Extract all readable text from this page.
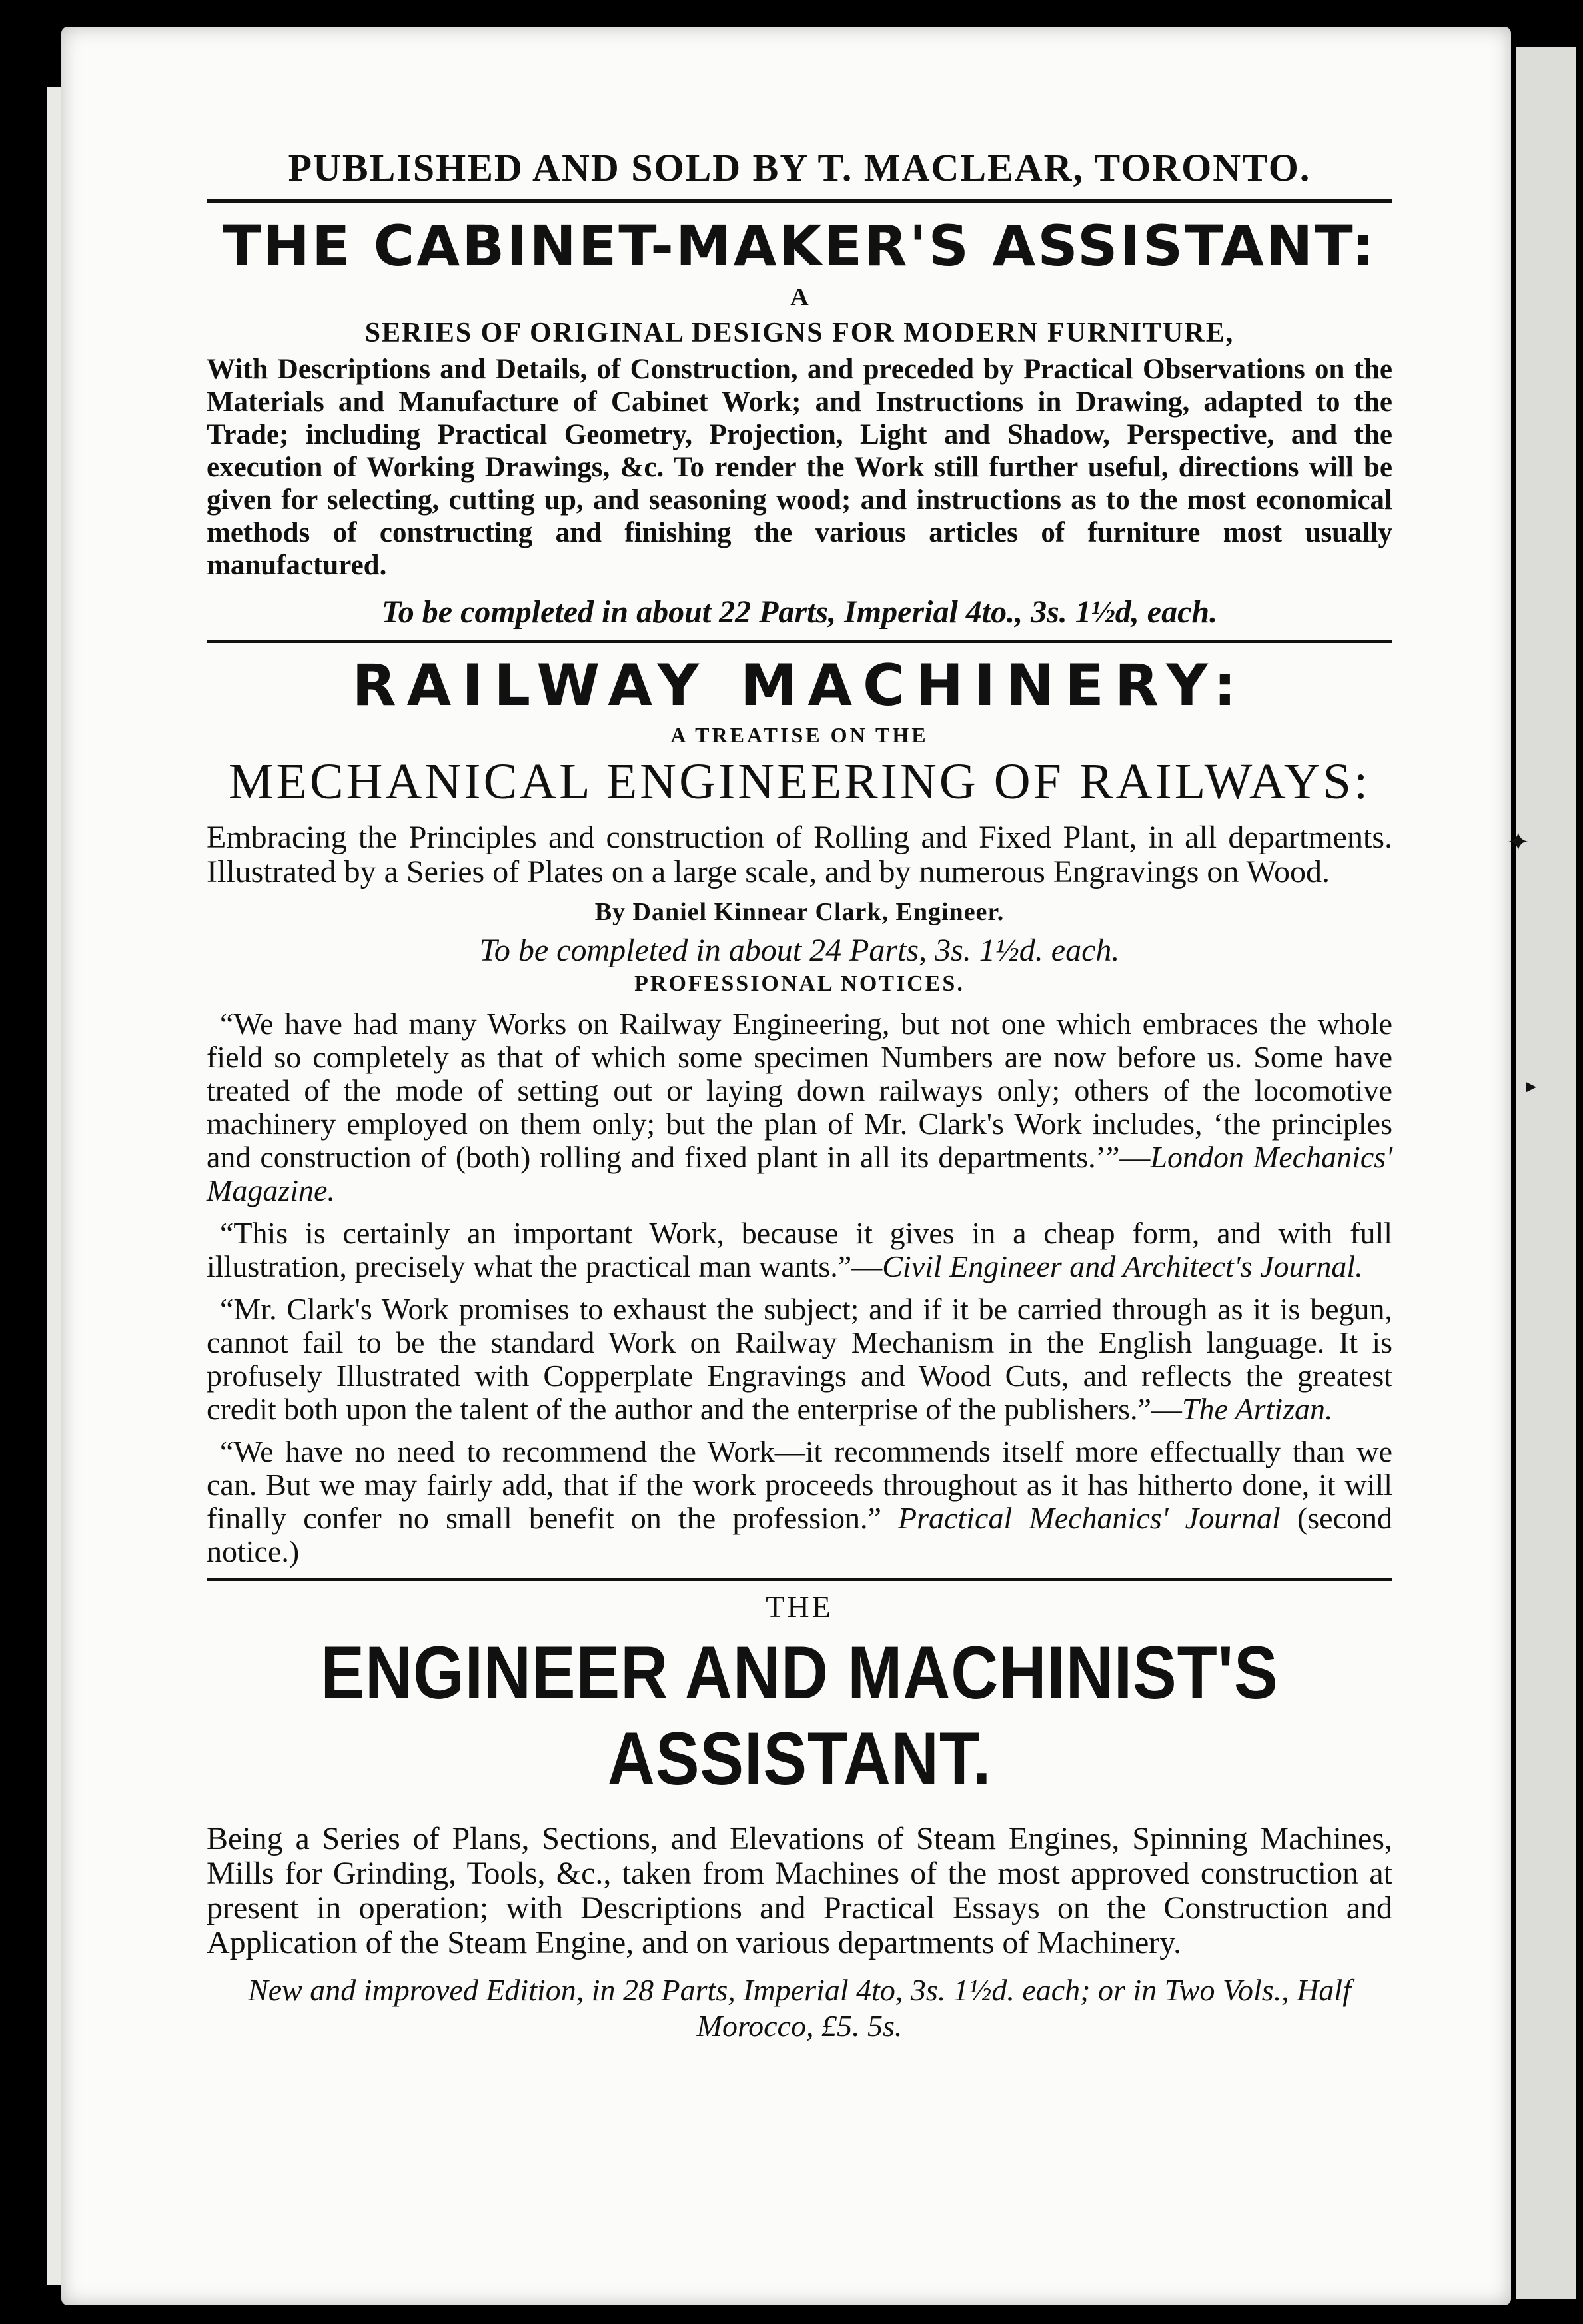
✦
▸
PUBLISHED AND SOLD BY T. MACLEAR, TORONTO.
THE CABINET-MAKER'S ASSISTANT:
A
SERIES OF ORIGINAL DESIGNS FOR MODERN FURNITURE,
With Descriptions and Details, of Construction, and preceded by Practical Observations on the Materials and Manufacture of Cabinet Work; and Instructions in Drawing, adapted to the Trade; including Practical Geometry, Projection, Light and Shadow, Perspective, and the execution of Working Drawings, &c. To render the Work still further useful, directions will be given for selecting, cutting up, and seasoning wood; and instructions as to the most economical methods of constructing and finishing the various articles of furniture most usually manufactured.
To be completed in about 22 Parts, Imperial 4to., 3s. 1½d, each.
RAILWAY MACHINERY:
A TREATISE ON THE
MECHANICAL ENGINEERING OF RAILWAYS:
Embracing the Principles and construction of Rolling and Fixed Plant, in all departments. Illustrated by a Series of Plates on a large scale, and by numerous Engravings on Wood.
By Daniel Kinnear Clark, Engineer.
To be completed in about 24 Parts, 3s. 1½d. each.
PROFESSIONAL NOTICES.

“We have had many Works on Railway Engineering, but not one which embraces the whole field so completely as that of which some specimen Numbers are now before us. Some have treated of the mode of setting out or laying down railways only; others of the locomotive machinery employed on them only; but the plan of Mr. Clark's Work includes, ‘the principles and construction of (both) rolling and fixed plant in all its departments.’”—London Mechanics' Magazine.

“This is certainly an important Work, because it gives in a cheap form, and with full illustration, precisely what the practical man wants.”—Civil Engineer and Architect's Journal.

“Mr. Clark's Work promises to exhaust the subject; and if it be carried through as it is begun, cannot fail to be the standard Work on Railway Mechanism in the English language. It is profusely Illustrated with Copperplate Engravings and Wood Cuts, and reflects the greatest credit both upon the talent of the author and the enterprise of the publishers.”—The Artizan.

“We have no need to recommend the Work—it recommends itself more effectually than we can. But we may fairly add, that if the work proceeds throughout as it has hitherto done, it will finally confer no small benefit on the profession.” Practical Mechanics' Journal (second notice.)

THE
ENGINEER AND MACHINIST'S ASSISTANT.
Being a Series of Plans, Sections, and Elevations of Steam Engines, Spinning Machines, Mills for Grinding, Tools, &c., taken from Machines of the most approved construction at present in operation; with Descriptions and Practical Essays on the Construction and Application of the Steam Engine, and on various departments of Machinery.
New and improved Edition, in 28 Parts, Imperial 4to, 3s. 1½d. each; or in Two Vols., Half Morocco, £5. 5s.
